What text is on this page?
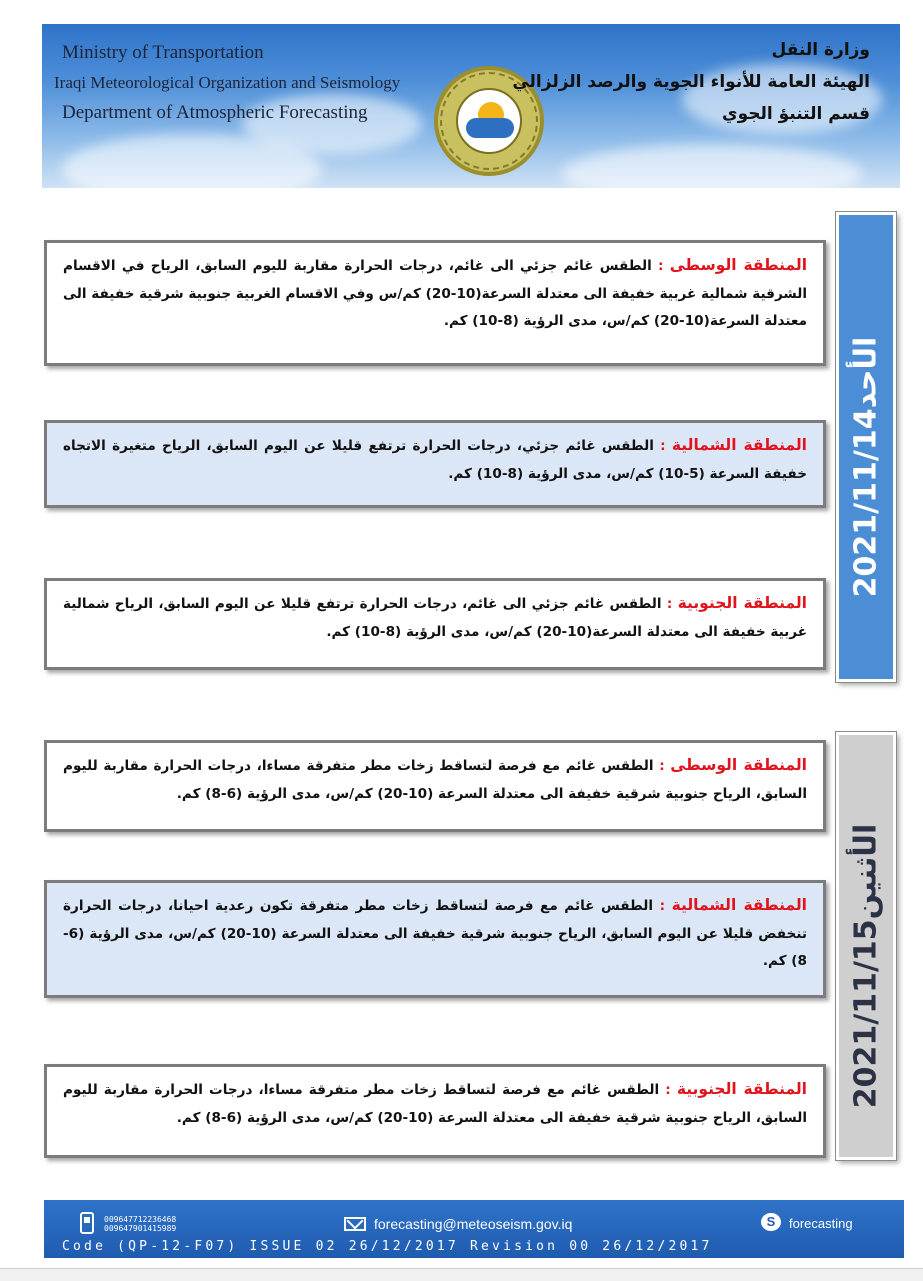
Ministry of Transportation
Iraqi Meteorological Organization and Seismology
Department of Atmospheric Forecasting
وزارة النقل
الهيئة العامة للأنواء الجوية والرصد الزلزالي
قسم التنبؤ الجوي
2021/11/14الأحد
المنطقة الوسطى : الطقس غائم جزئي الى غائم، درجات الحرارة مقاربة لليوم السابق، الرياح في الاقسام الشرقية شمالية غربية خفيفة الى معتدلة السرعة(10-20) كم/س وفي الاقسام الغربية جنوبية شرقية خفيفة الى معتدلة السرعة(10-20) كم/س، مدى الرؤية (8-10) كم.
المنطقة الشمالية : الطقس غائم جزئي، درجات الحرارة ترتفع قليلا عن اليوم السابق، الرياح متغيرة الاتجاه خفيفة السرعة (5-10) كم/س، مدى الرؤية (8-10) كم.
المنطقة الجنوبية : الطقس غائم جزئي الى غائم، درجات الحرارة ترتفع قليلا عن اليوم السابق، الرياح شمالية غربية خفيفة الى معتدلة السرعة(10-20) كم/س، مدى الرؤية (8-10) كم.
2021/11/15الأثنين
المنطقة الوسطى : الطقس غائم مع فرصة لتساقط زخات مطر متفرقة مساءا، درجات الحرارة مقاربة لليوم السابق، الرياح جنوبية شرقية خفيفة الى معتدلة السرعة (10-20) كم/س، مدى الرؤية (6-8) كم.
المنطقة الشمالية : الطقس غائم مع فرصة لتساقط زخات مطر متفرقة تكون رعدية احيانا، درجات الحرارة تنخفض قليلا عن اليوم السابق، الرياح جنوبية شرقية خفيفة الى معتدلة السرعة (10-20) كم/س، مدى الرؤية (6-8) كم.
المنطقة الجنوبية : الطقس غائم مع فرصة لتساقط زخات مطر متفرقة مساءا، درجات الحرارة مقاربة لليوم السابق، الرياح جنوبية شرقية خفيفة الى معتدلة السرعة (10-20) كم/س، مدى الرؤية (6-8) كم.
009647712236468
009647901415989	forecasting@meteoseism.gov.iq	S	forecasting
Code (QP-12-F07) ISSUE 02 26/12/2017 Revision 00 26/12/2017
